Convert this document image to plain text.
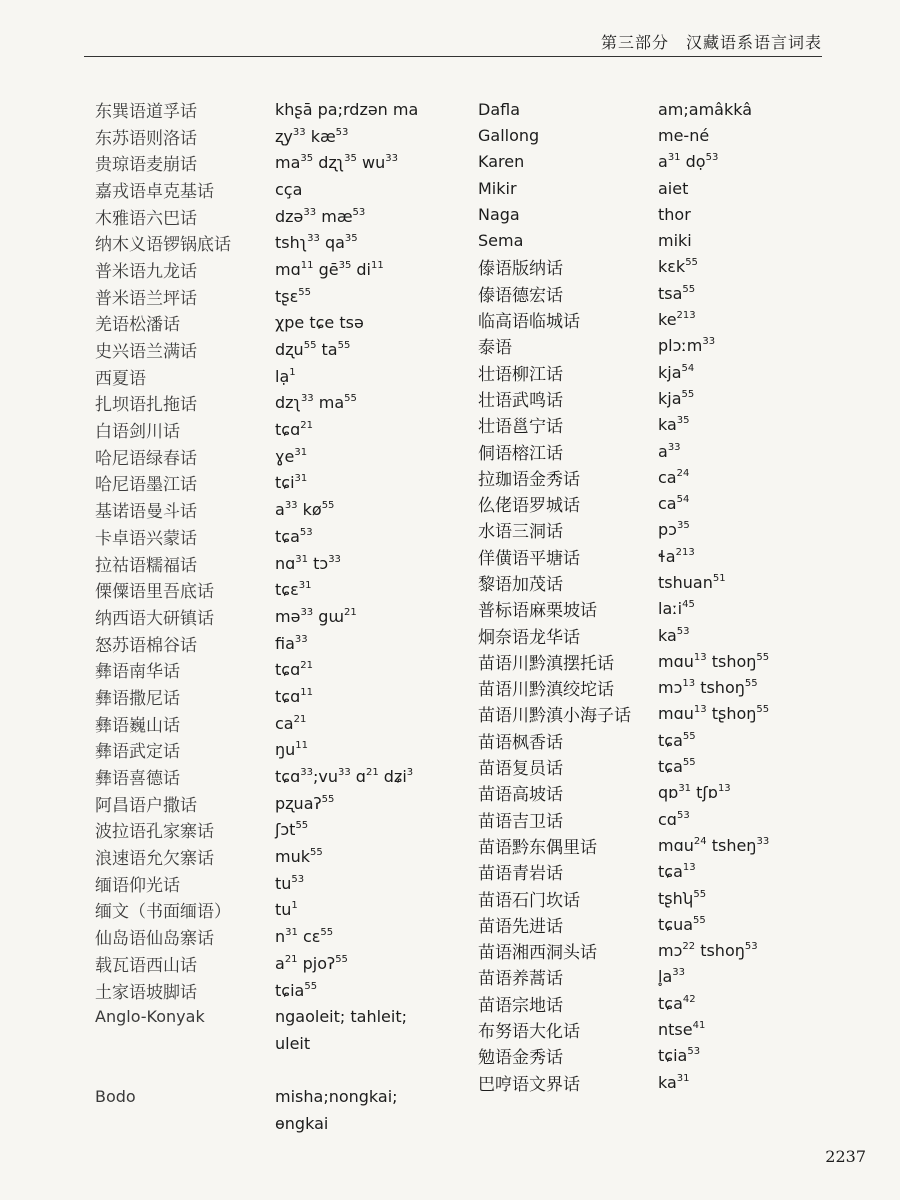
第三部分　汉藏语系语言词表
东巽语道孚话	khʂā pa;rdzən ma
东苏语则洛话	ʐy$^{33}$ $kæ^{53}$
贵琼语麦崩话	$ma^{35}$ dʐʅ$^{35}$ $wu^{33}$
嘉戎语卓克基话	cça
木雅语六巴话	dzə$^{33}$ $mæ^{53}$
纳木义语锣锅底话	tshʅ$^{33}$ $qa^{35}$
普米语九龙话	mɑ$^{11}$ $gē^{35}$ $di^{11}$
普米语兰坪话	tʂɛ$^{55}$
羌语松潘话	χpe tɕe tsə
史兴语兰满话	dʐu$^{55}$ $ta^{55}$
西夏语	lạ$^1$
扎坝语扎拖话	dzʅ$^{33}$ $ma^{55}$
白语剑川话	tɕɑ$^{21}$
哈尼语绿春话	ɣe$^{31}$
哈尼语墨江话	tɕi$^{31}$
基诺语曼斗话	$a^{33}$ $kø^{55}$
卡卓语兴蒙话	tɕa$^{53}$
拉祜语糯福话	nɑ$^{31}$ tɔ$^{33}$
傈僳语里吾底话	tɕɛ$^{31}$
纳西语大研镇话	mə$^{33}$ gɯ$^{21}$
怒苏语棉谷话	fia$^{33}$
彝语南华话	tɕɑ$^{21}$
彝语撒尼话	tɕɑ$^{11}$
彝语巍山话	$ca^{21}$
彝语武定话	$ŋu^{11}$
彝语喜德话	$tɕɑ^{33};vu^{33}$ ɑ$^{21}$ dʑi$^3$
阿昌语户撒话	pʐuaʔ$^{55}$
波拉语孔家寨话	ʃɔt$^{55}$
浪速语允欠寨话	muk$^{55}$
缅语仰光话	$tu^{53}$
缅文（书面缅语）	$tu^1$
仙岛语仙岛寨话	$n^{31}$ cɛ$^{55}$
载瓦语西山话	$a^{21}$ pjoʔ$^{55}$
土家语坡脚话	tɕia$^{55}$
Anglo-Konyak	ngaoleit; tahleit;
uleit
Bodo	misha;nongkai;
ɵngkai
Dafla	am;amâkkâ
Gallong	me-né
Karen	$a^{31}$ dọ$^{53}$
Mikir	aiet
Naga	thor
Sema	miki
傣语版纳话	kɛk$^{55}$
傣语德宏话	tsa$^{55}$
临高语临城话	$ke^{213}$
泰语	plɔːm$^{33}$
壮语柳江话	kja$^{54}$
壮语武鸣话	kja$^{55}$
壮语邕宁话	$ka^{35}$
侗语榕江话	$a^{33}$
拉珈语金秀话	$ca^{24}$
仫佬语罗城话	$ca^{54}$
水语三洞话	pɔ$^{35}$
佯僙语平塘话	ɬa$^{213}$
黎语加茂话	tshuan$^{51}$
普标语麻栗坡话	laːi$^{45}$
炯奈语龙华话	$ka^{53}$
苗语川黔滇摆托话	mɑu$^{13}$ tshoŋ$^{55}$
苗语川黔滇绞坨话	mɔ$^{13}$ tshoŋ$^{55}$
苗语川黔滇小海子话	mɑu$^{13}$ tʂhoŋ$^{55}$
苗语枫香话	tɕa$^{55}$
苗语复员话	tɕa$^{55}$
苗语高坡话	qɒ$^{31}$ tʃɒ$^{13}$
苗语吉卫话	cɑ$^{53}$
苗语黔东偶里话	mɑu$^{24}$ tsheŋ$^{33}$
苗语青岩话	tɕa$^{13}$
苗语石门坎话	tʂhʮ$^{55}$
苗语先进话	tɕua$^{55}$
苗语湘西洞头话	mɔ$^{22}$ tshoŋ$^{53}$
苗语养蒿话	$l̥a^{33}$
苗语宗地话	tɕa$^{42}$
布努语大化话	ntse$^{41}$
勉语金秀话	tɕia$^{53}$
巴哼语文界话	$ka^{31}$
2237
